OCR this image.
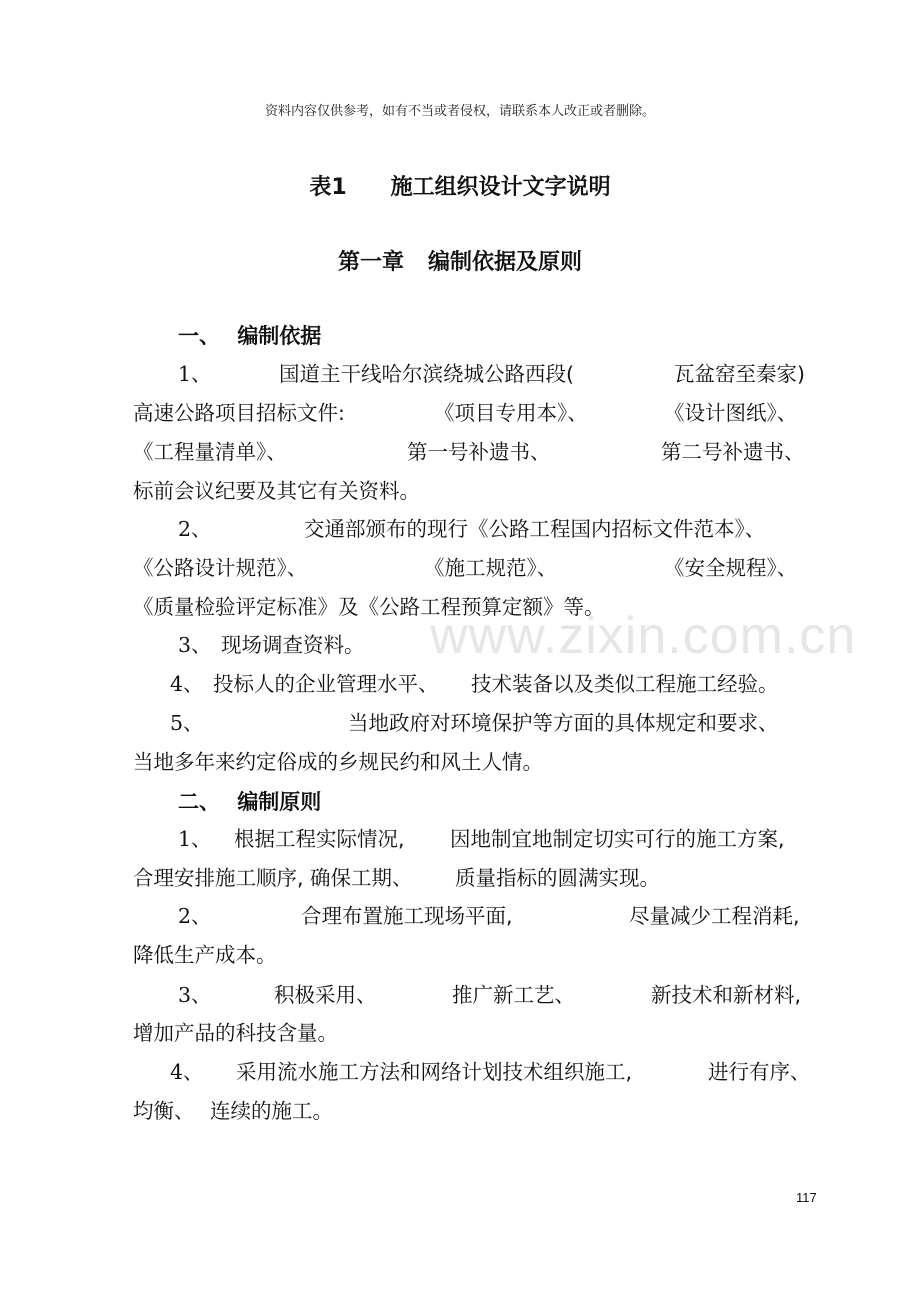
www.zixin.com.cn
资料内容仅供参考，如有不当或者侵权，请联系本人改正或者删除。
表1 施工组织设计文字说明
第一章 编制依据及原则
一、 编制依据
1、	国道主干线哈尔滨绕城公路西段(	瓦盆窑至秦家)
高速公路项目招标文件:	《项目专用本》、	《设计图纸》、
《工程量清单》、	第一号补遗书、	第二号补遗书、
标前会议纪要及其它有关资料。
2、	交通部颁布的现行《公路工程国内招标文件范本》、
《公路设计规范》、	《施工规范》、	《安全规程》、
《质量检验评定标准》及《公路工程预算定额》等。
3、 现场调查资料。
4、 投标人的企业管理水平、 技术装备以及类似工程施工经验。
5、	当地政府对环境保护等方面的具体规定和要求、
当地多年来约定俗成的乡规民约和风土人情。
二、 编制原则
1、 根据工程实际情况, 因地制宜地制定切实可行的施工方案,
合理安排施工顺序, 确保工期、 质量指标的圆满实现。
2、	合理布置施工现场平面,	尽量减少工程消耗,
降低生产成本。
3、	积极采用、	推广新工艺、	新技术和新材料,
增加产品的科技含量。
4、 采用流水施工方法和网络计划技术组织施工,	进行有序、
均衡、 连续的施工。
117
